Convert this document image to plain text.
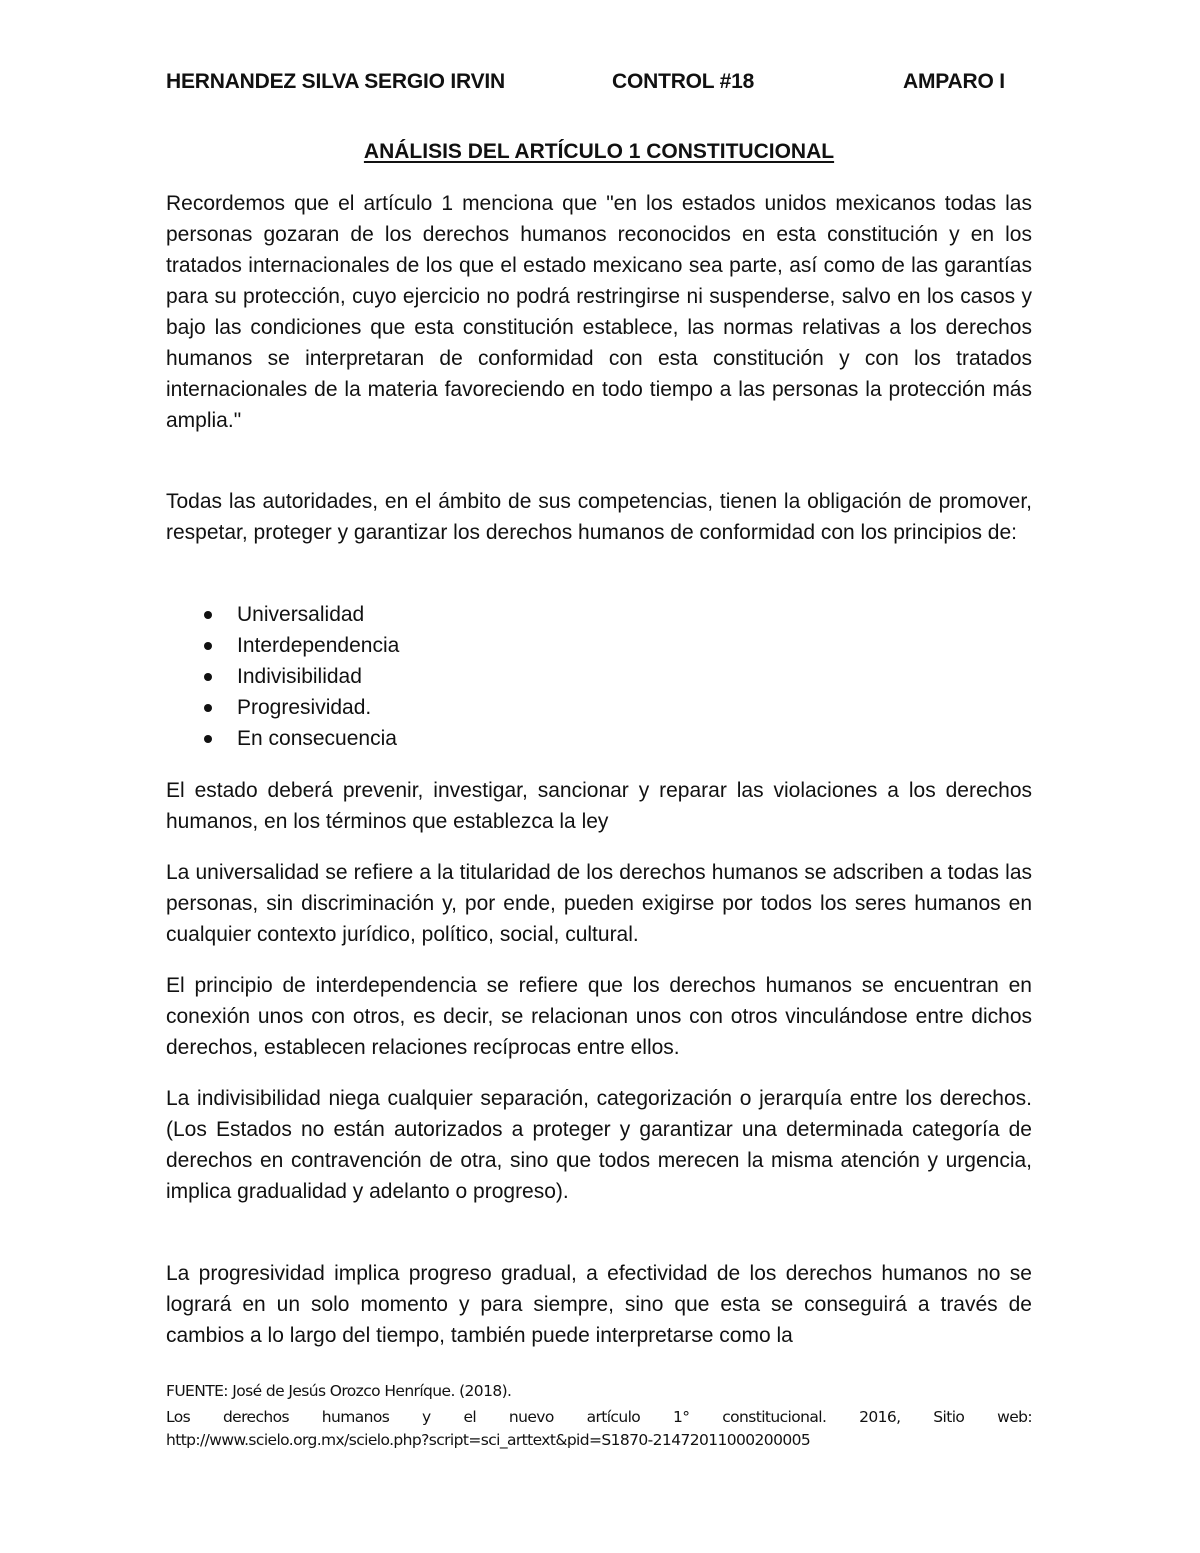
HERNANDEZ SILVA SERGIO IRVIN	CONTROL #18	AMPARO I
ANÁLISIS DEL ARTÍCULO 1 CONSTITUCIONAL

Recordemos que el artículo 1 menciona que "en los estados unidos mexicanos todas las personas gozaran de los derechos humanos reconocidos en esta constitución y en los tratados internacionales de los que el estado mexicano sea parte, así como de las garantías para su protección, cuyo ejercicio no podrá restringirse ni suspenderse, salvo en los casos y bajo las condiciones que esta constitución establece, las normas relativas a los derechos humanos se interpretaran de conformidad con esta constitución y con los tratados internacionales de la materia favoreciendo en todo tiempo a las personas la protección más amplia."

Todas las autoridades, en el ámbito de sus competencias, tienen la obligación de promover, respetar, proteger y garantizar los derechos humanos de conformidad con los principios de:

Universalidad
Interdependencia
Indivisibilidad
Progresividad.
En consecuencia

El estado deberá prevenir, investigar, sancionar y reparar las violaciones a los derechos humanos, en los términos que establezca la ley

La universalidad se refiere a la titularidad de los derechos humanos se adscriben a todas las personas, sin discriminación y, por ende, pueden exigirse por todos los seres humanos en cualquier contexto jurídico, político, social, cultural.

El principio de interdependencia se refiere que los derechos humanos se encuentran en conexión unos con otros, es decir, se relacionan unos con otros vinculándose entre dichos derechos, establecen relaciones recíprocas entre ellos.

La indivisibilidad niega cualquier separación, categorización o jerarquía entre los derechos. (Los Estados no están autorizados a proteger y garantizar una determinada categoría de derechos en contravención de otra, sino que todos merecen la misma atención y urgencia, implica gradualidad y adelanto o progreso).

La progresividad implica progreso gradual, a efectividad de los derechos humanos no se logrará en un solo momento y para siempre, sino que esta se conseguirá a través de cambios a lo largo del tiempo, también puede interpretarse como la

FUENTE: José de Jesús Orozco Henríque. (2018).

Los derechos humanos y el nuevo artículo 1° constitucional. 2016, Sitio web:

http://www.scielo.org.mx/scielo.php?script=sci_arttext&pid=S1870-21472011000200005
